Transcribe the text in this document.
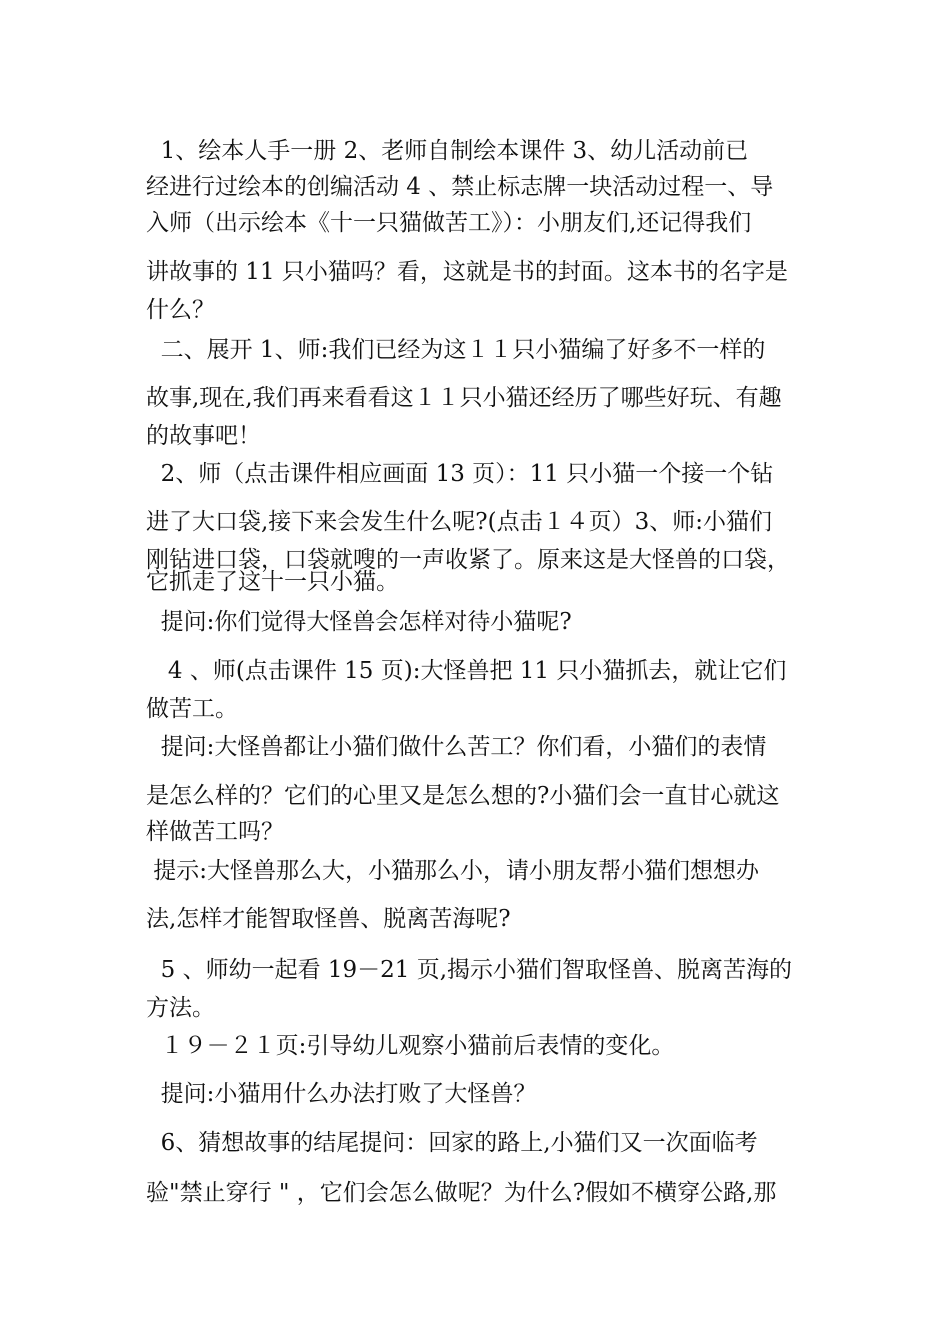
1、绘本人手一册 2、老师自制绘本课件 3、幼儿活动前已
经进行过绘本的创编活动 4 、禁止标志牌一块活动过程一、导
入师（出示绘本《十一只猫做苦工》）：小朋友们,还记得我们
讲故事的 11 只小猫吗？看，这就是书的封面。这本书的名字是
什么？
二、展开 1、师:我们已经为这１１只小猫编了好多不一样的
故事,现在,我们再来看看这１１只小猫还经历了哪些好玩、有趣
的故事吧！
2、师（点击课件相应画面 13 页）：11 只小猫一个接一个钻
进了大口袋,接下来会发生什么呢?(点击１４页）3、师:小猫们
刚钻进口袋，口袋就嗖的一声收紧了。原来这是大怪兽的口袋，
它抓走了这十一只小猫。
提问:你们觉得大怪兽会怎样对待小猫呢?
4 、师(点击课件 15 页):大怪兽把 11 只小猫抓去，就让它们
做苦工。
提问:大怪兽都让小猫们做什么苦工？你们看，小猫们的表情
是怎么样的？它们的心里又是怎么想的?小猫们会一直甘心就这
样做苦工吗？
提示:大怪兽那么大，小猫那么小，请小朋友帮小猫们想想办
法,怎样才能智取怪兽、脱离苦海呢?
5 、师幼一起看 19－21 页,揭示小猫们智取怪兽、脱离苦海的
方法。
１９－２１页:引导幼儿观察小猫前后表情的变化。
提问:小猫用什么办法打败了大怪兽？
6、猜想故事的结尾提问：回家的路上,小猫们又一次面临考
验"禁止穿行 " ，它们会怎么做呢？为什么?假如不横穿公路,那
